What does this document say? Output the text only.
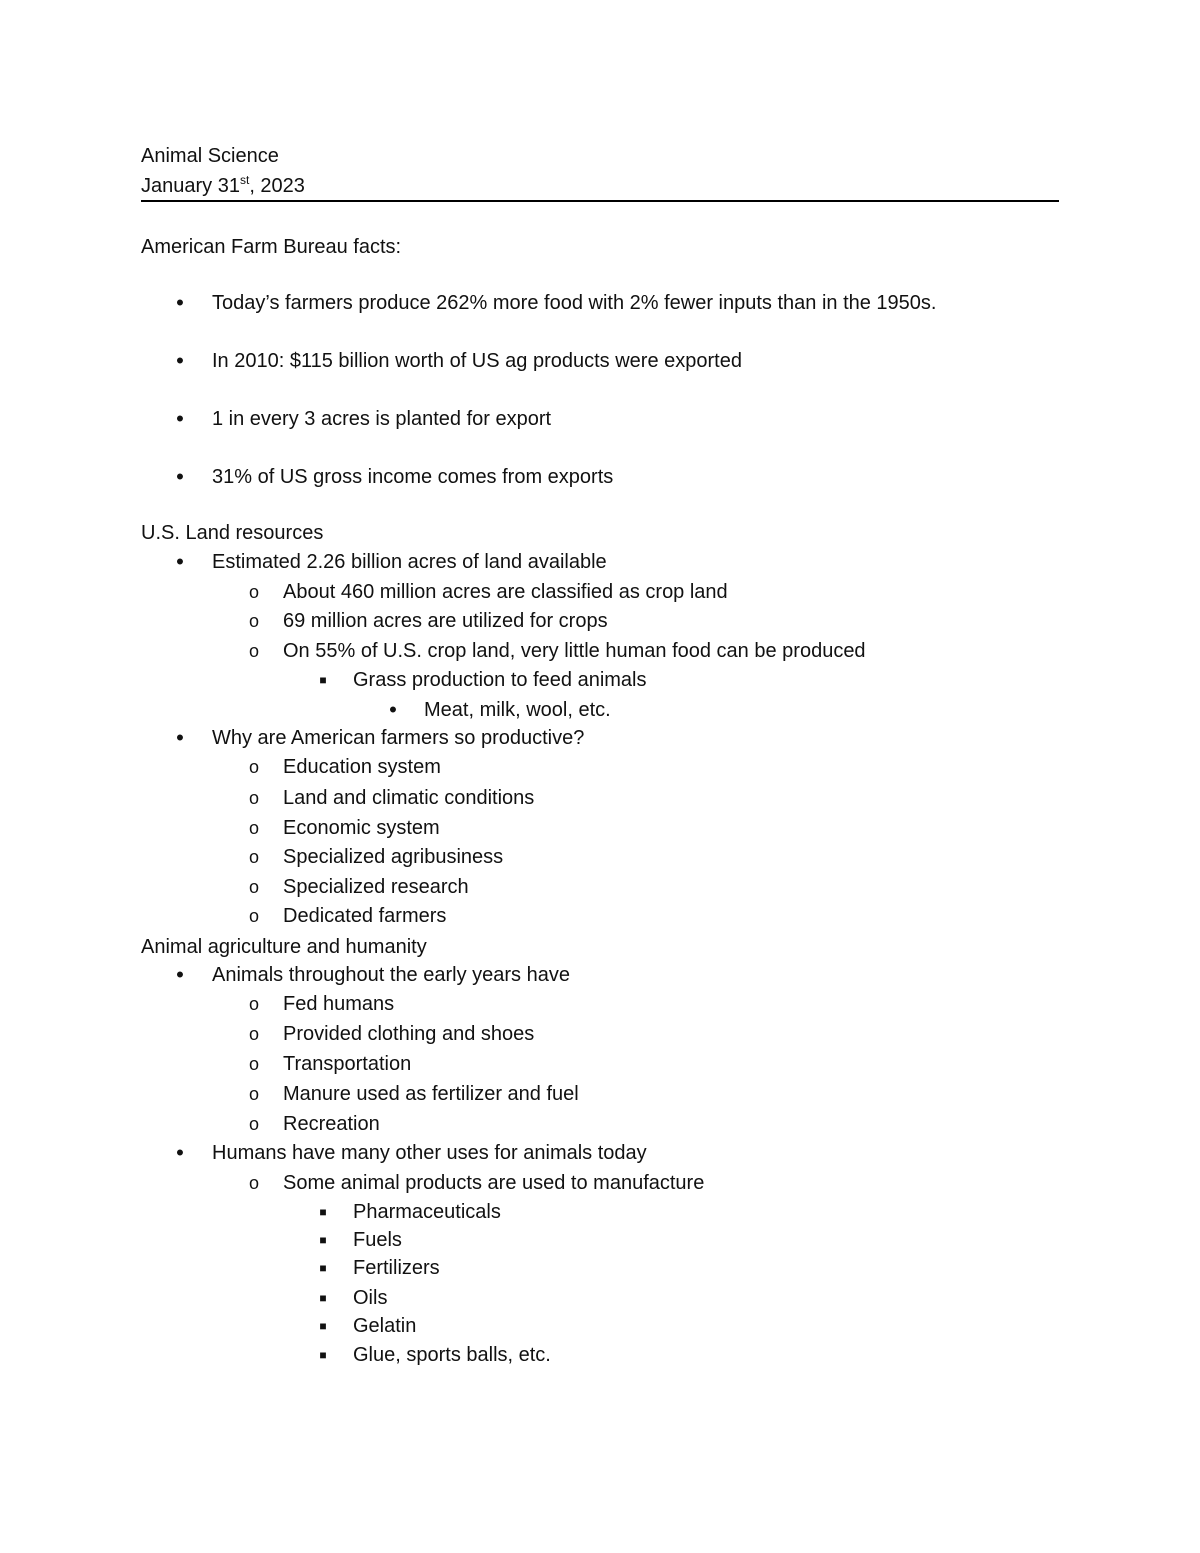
Animal Science
January 31st, 2023
American Farm Bureau facts:
•	Today’s farmers produce 262% more food with 2% fewer inputs than in the 1950s.
•	In 2010: $115 billion worth of US ag products were exported
•	1 in every 3 acres is planted for export
•	31% of US gross income comes from exports
U.S. Land resources
•	Estimated 2.26 billion acres of land available
o About 460 million acres are classified as crop land
o 69 million acres are utilized for crops
o On 55% of U.S. crop land, very little human food can be produced
■	Grass production to feed animals
•	Meat, milk, wool, etc.
•	Why are American farmers so productive?
o Education system
o Land and climatic conditions
o Economic system
o Specialized agribusiness
o Specialized research
o Dedicated farmers
Animal agriculture and humanity
•	Animals throughout the early years have
o Fed humans
o Provided clothing and shoes
o Transportation
o Manure used as fertilizer and fuel
o Recreation
•	Humans have many other uses for animals today
o Some animal products are used to manufacture
■	Pharmaceuticals
■	Fuels
■	Fertilizers
■	Oils
■	Gelatin
■	Glue, sports balls, etc.
